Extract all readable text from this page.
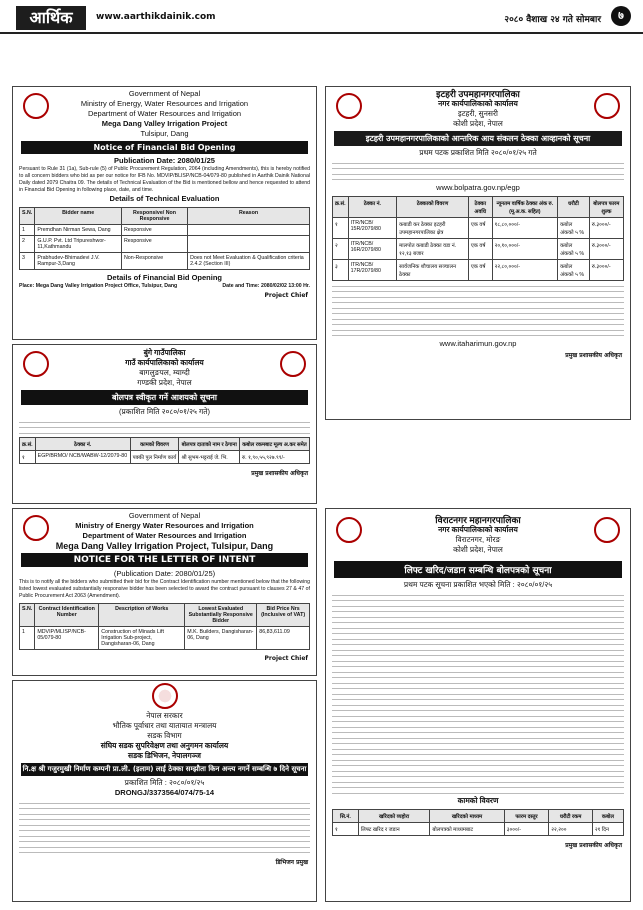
आर्थिक	www.aarthikdainik.com	२०८० वैशाख २४ गते सोमबार	७
Government of Nepal
Ministry of Energy, Water Resources and Irrigation
Department of Water Resources and Irrigation
Mega Dang Valley Irrigation Project
Tulsipur, Dang
Notice of Financial Bid Opening
Publication Date: 2080/01/25
Persuant to Rule 31 (1a), Sub-rule (5) of Public Procurement Regulation, 2064 (including Amendments), this is hereby notified to all concern bidders who bid as per our notice for IFB No. MDVIP/BLISP/NCB-04/079-80 published in Aarthik Dainik National Daily dated 2079 Chaitra 09. The details of Technical Evaluation of the Bid is mentioned bellow and hence requested to attend in Financial Bid Opening in following place, date, and time.
Details of Technical Evaluation
S.N.	Bidder name	Responsive/ Non Responsive	Reason
1	Premdhan Nirman Sewa, Dang	Responsive	
2	G.U.P. Pvt. Ltd Tripureshwor-11,Kathmandu	Responsive	
3	Prabhudev-Bhimadevi J.V. Rampur-3,Dang	Non-Responsive	Does not Meet Evaluation & Qualification criteria 2.4.2 (Section III)
Details of Financial Bid Opening
Place: Mega Dang Valley Irrigation Project Office, Tulsipur, Dang	Date and Time: 2080/02/02 13:00 Hr.
Project Chief
बुंगे गाउँपालिका
गाउँ कार्यपालिकाको कार्यालय
बागलुङपल, म्याग्दी
गण्डकी प्रदेश, नेपाल
बोलपत्र स्वीकृत गर्ने आशयको सूचना
(प्रकाशित मिति २०८०/०१/२५ गते)
क्र.सं.	ठेक्का नं.	कामको विवरण	बोलपत्र दाताको नाम र ठेगाना	कबोल रकमबाट मूल्य अ.कर समेत
१	EGP/BRMO/ NCB/WABW-12/2079-80	पक्की पुल निर्माण कार्य	श्री सुभम-भट्टराई जे. भि.	रु. १,९०,५५,९२७.९९/-
प्रमुख प्रशासकीय अधिकृत
Government of Nepal
Ministry of Energy Water Resources and Irrigation
Department of Water Resources and Irrigation
Mega Dang Valley Irrigation Project, Tulsipur, Dang
NOTICE FOR THE LETTER OF INTENT
(Publication Date: 2080/01/25)
This is to notify all the bidders who submitted their bid for the Contract Identification number mentioned below that the following listed lowest evaluated substantially responsive bidder has been selected to award the contract pursuant to clauses 27 & 47 of Public Procurement Act 2063 (Amendment).
S.N.	Contract Identification Number	Description of Works	Lowest Evaluated Substantially Responsive Bidder	Bid Price Nrs (Inclusive of VAT)
1	MDVIP/MLISP/NCB-05/079-80	Construction of Minads Lift Irrigation Sub-project, Dangisharan-06, Dang	M.K. Builders, Dangisharan-06, Dang	86,83,611.09
Project Chief
नेपाल सरकार
भौतिक पूर्वाधार तथा यातायात मन्त्रालय
सडक विभाग
संघिय सडक सुपरिवेक्षण तथा अनुगमन कार्यालय
सडक डिभिजन, नेपालगञ्ज
नि.क्ष श्री गजुरमुखी निर्माण कम्पनी प्रा.ली. (इलाम) लाई ठेक्का सम्झौता किन अन्त्य नगर्ने सम्बन्धि ७ दिने सूचना
प्रकाशित मिति : २०८०/०१/२५
DRONGJ/3373564/074/75-14
डिभिजन प्रमुख
इटहरी उपमहानगरपालिका
नगर कार्यपालिकाको कार्यालय
इटहरी, सुनसरी
कोशी प्रदेश, नेपाल
इटहरी उपमहानगरपालिकाको आन्तरिक आय संकलन ठेक्का आव्हानको सूचना
प्रथम पटक प्रकाशित मिति २०८०/०१/२५ गते
www.bolpatra.gov.np/egp
क्र.सं.	ठेक्का नं.	ठेक्काको विवरण	ठेक्का अवधि	न्यूनतम वार्षिक ठेक्का अंक रु. (मू.अ.क. सहित)	धरौटी	बोलपत्र फारम शुल्क
१	ITR/NCB/ 15R/2079/80	कबाडी कर ठेक्का इटहरी उपमहानगरपालिका क्षेत्र	एक वर्ष	१८,८०,०००/-	कबोल अंकको ५ %	रु.३०००/-
२	ITR/NCB/ 16R/2079/80	मालपोत कबाडी ठेक्का वडा नं. १२,१३ बजार	एक वर्ष	२०,१०,०००/-	कबोल अंकको ५ %	रु.३०००/-
३	ITR/NCB/ 17R/2079/80	सार्वजनिक शौचालय सञ्चालन ठेक्का	एक वर्ष	२२,८०,०००/-	कबोल अंकको ५ %	रु.३०००/-
www.itaharimun.gov.np
प्रमुख प्रशासकीय अधिकृत
विराटनगर महानगरपालिका
नगर कार्यपालिकाको कार्यालय
विराटनगर, मोरङ
कोशी प्रदेश, नेपाल
लिफ्ट खरिद/जडान सम्बन्धि बोलपत्रको सूचना
प्रथम पटक सूचना प्रकाशित भएको मिति : २०८०/०१/२५
कामको विवरण
सि.नं.	खरिदको व्यहोरा	खरिदको माध्यम	फारम दस्तुर	धरौटी रकम	कबोल
१	लिफ्ट खरिद र जडान	बोलपत्रको माध्यमबाट	३०००/-	२२,२००	२१ दिन
प्रमुख प्रशासकीय अधिकृत
